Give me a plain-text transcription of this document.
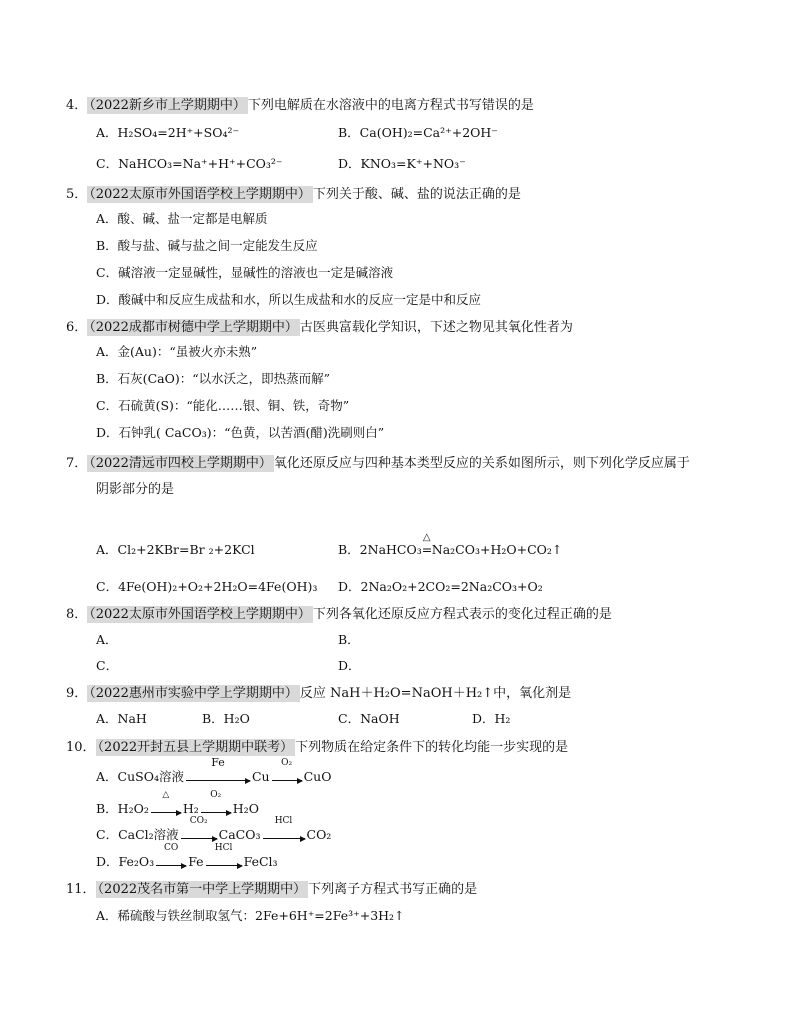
4． （2022新乡市上学期期中） 下列电解质在水溶液中的电离方程式书写错误的是
A．H₂SO₄=2H⁺+SO₄²⁻	B．Ca(OH)₂=Ca²⁺+2OH⁻
C．NaHCO₃=Na⁺+H⁺+CO₃²⁻	D．KNO₃=K⁺+NO₃⁻
5． （2022太原市外国语学校上学期期中） 下列关于酸、碱、盐的说法正确的是
A．酸、碱、盐一定都是电解质
B．酸与盐、碱与盐之间一定能发生反应
C．碱溶液一定显碱性，显碱性的溶液也一定是碱溶液
D．酸碱中和反应生成盐和水，所以生成盐和水的反应一定是中和反应
6． （2022成都市树德中学上学期期中） 古医典富载化学知识，下述之物见其氧化性者为
A．金(Au)：“虽被火亦未熟”
B．石灰(CaO)：“以水沃之，即热蒸而解”
C．石硫黄(S)：“能化……银、铜、铁，奇物”
D．石钟乳( CaCO₃)：“色黄，以苦酒(醋)洗刷则白”
7． （2022清远市四校上学期期中） 氧化还原反应与四种基本类型反应的关系如图所示，则下列化学反应属于
阴影部分的是
A．Cl₂+2KBr=Br ₂+2KCl	B．2NaHCO₃
△
=Na₂CO₃+H₂O+CO₂↑
C．4Fe(OH)₂+O₂+2H₂O=4Fe(OH)₃ D．2Na₂O₂+2CO₂=2Na₂CO₃+O₂
8． （2022太原市外国语学校上学期期中） 下列各氧化还原反应方程式表示的变化过程正确的是
A．	B．
C．	D．
9． （2022惠州市实验中学上学期期中） 反应 NaH＋H₂O=NaOH＋H₂↑中，氧化剂是
A．NaH	B．H₂O	C．NaOH	D．H₂
10． （2022开封五县上学期期中联考） 下列物质在给定条件下的转化均能一步实现的是
A．CuSO₄溶液
Fe
Cu
O₂
CuO
B．H₂O₂
△
H₂
O₂
H₂O
C．CaCl₂溶液
CO₂
CaCO₃
HCl
CO₂
D．Fe₂O₃
CO
Fe
HCl
FeCl₃
11． （2022茂名市第一中学上学期期中） 下列离子方程式书写正确的是
A．稀硫酸与铁丝制取氢气：2Fe+6H⁺=2Fe³⁺+3H₂↑
